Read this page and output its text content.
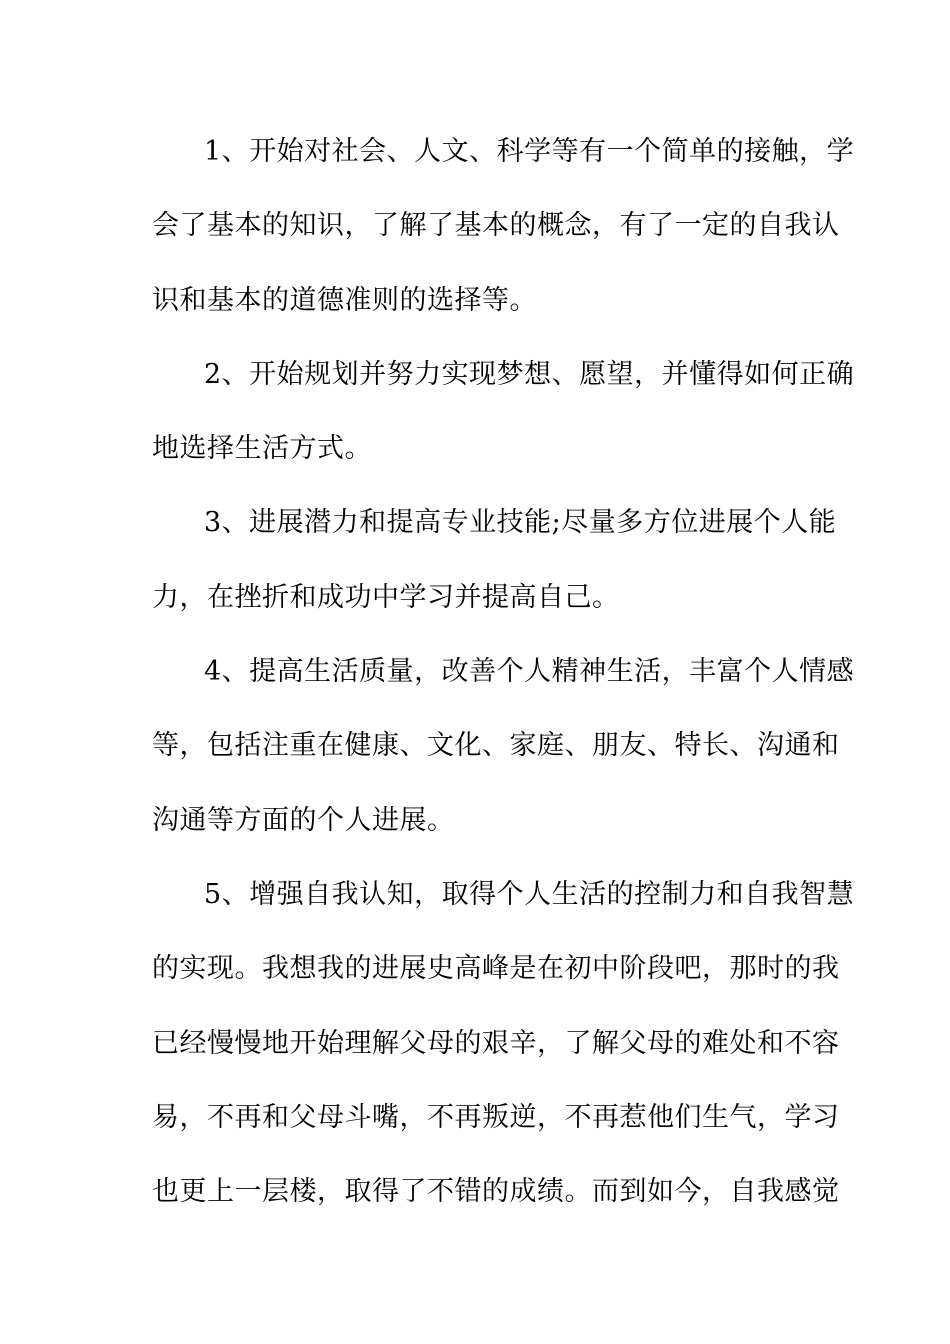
1、开始对社会、人文、科学等有一个简单的接触，学
会了基本的知识，了解了基本的概念，有了一定的自我认
识和基本的道德准则的选择等。
2、开始规划并努力实现梦想、愿望，并懂得如何正确
地选择生活方式。
3、进展潜力和提高专业技能;尽量多方位进展个人能
力，在挫折和成功中学习并提高自己。
4、提高生活质量，改善个人精神生活，丰富个人情感
等，包括注重在健康、文化、家庭、朋友、特长、沟通和
沟通等方面的个人进展。
5、增强自我认知，取得个人生活的控制力和自我智慧
的实现。我想我的进展史高峰是在初中阶段吧，那时的我
已经慢慢地开始理解父母的艰辛，了解父母的难处和不容
易，不再和父母斗嘴，不再叛逆，不再惹他们生气，学习
也更上一层楼，取得了不错的成绩。而到如今，自我感觉
